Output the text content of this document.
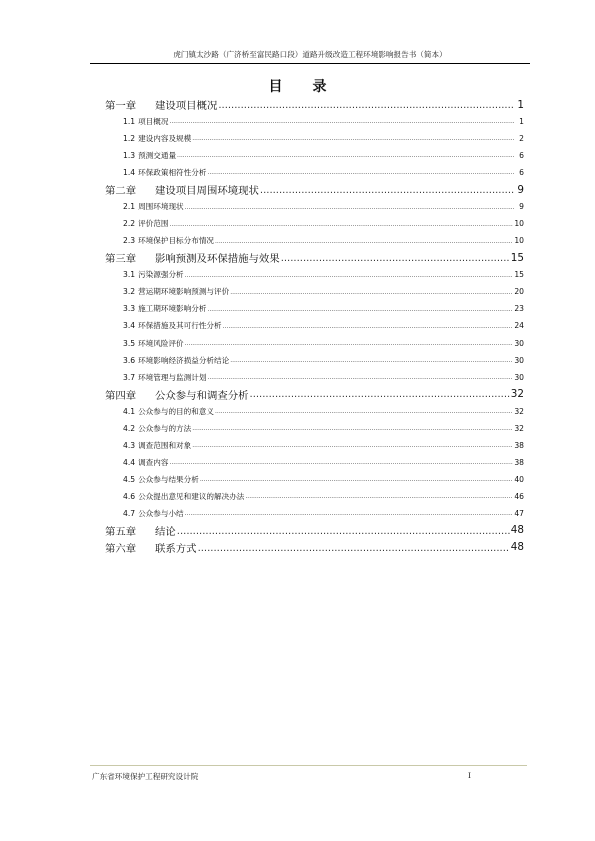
虎门镇太沙路（广济桥至富民路口段）道路升级改造工程环境影响报告书（简本）
目录
第一章	建设项目概况 .....	1
1.1 项目概况 .....	1
1.2 建设内容及规模 .....	2
1.3 预测交通量 .....	6
1.4 环保政策相符性分析 .....	6
第二章	建设项目周围环境现状 .....	9
2.1 周围环境现状 .....	9
2.2 评价范围 .....	10
2.3 环境保护目标分布情况 .....	10
第三章	影响预测及环保措施与效果 .....	15
3.1 污染源强分析 .....	15
3.2 营运期环境影响预测与评价 .....	20
3.3 施工期环境影响分析 .....	23
3.4 环保措施及其可行性分析 .....	24
3.5 环境风险评价 .....	30
3.6 环境影响经济损益分析结论 .....	30
3.7 环境管理与监测计划 .....	30
第四章	公众参与和调查分析 .....	32
4.1 公众参与的目的和意义 .....	32
4.2 公众参与的方法 .....	32
4.3 调查范围和对象 .....	38
4.4 调查内容 .....	38
4.5 公众参与结果分析 .....	40
4.6 公众提出意见和建议的解决办法 .....	46
4.7 公众参与小结 .....	47
第五章	结论 .....	48
第六章	联系方式 .....	48
广东省环境保护工程研究设计院	I
